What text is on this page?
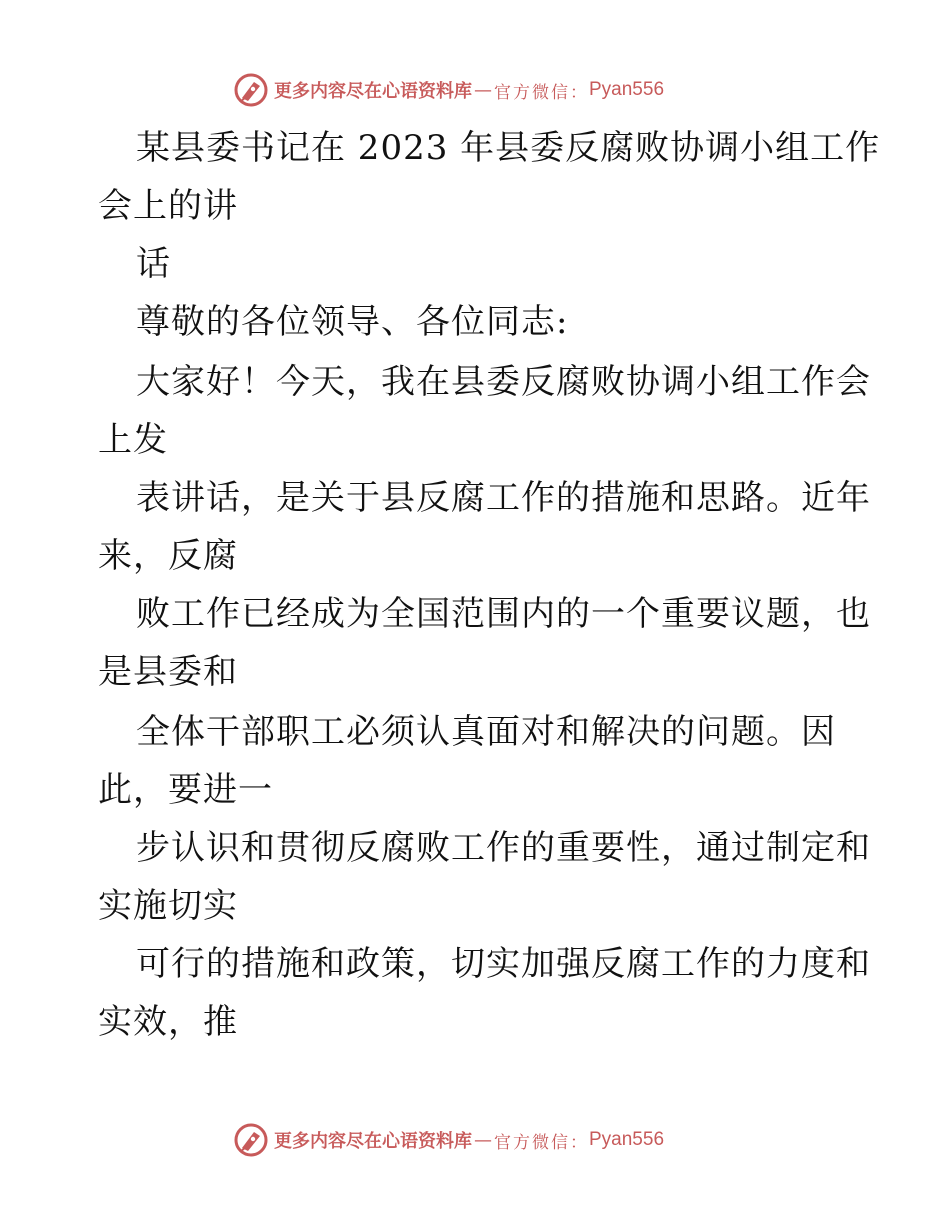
更多内容尽在心语资料库 — 官方微信： Pyan556
某县委书记在 2023 年县委反腐败协调小组工作
会上的讲
话
尊敬的各位领导、各位同志:
大家好！今天，我在县委反腐败协调小组工作会
上发
表讲话，是关于县反腐工作的措施和思路。近年
来，反腐
败工作已经成为全国范围内的一个重要议题，也
是县委和
全体干部职工必须认真面对和解决的问题。因
此，要进一
步认识和贯彻反腐败工作的重要性，通过制定和
实施切实
可行的措施和政策，切实加强反腐工作的力度和
实效，推
更多内容尽在心语资料库 — 官方微信： Pyan556
